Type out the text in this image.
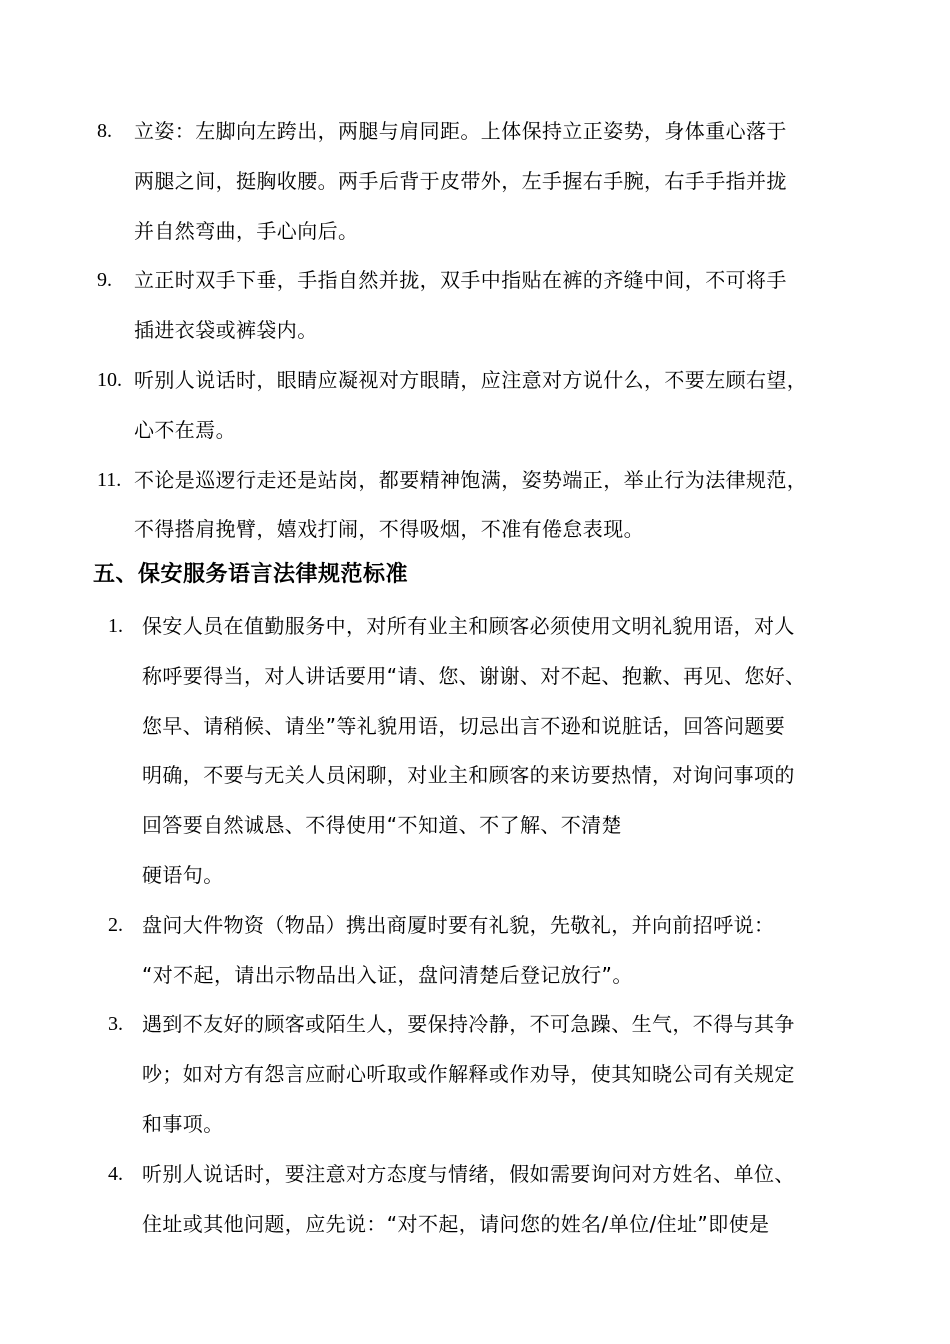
8. 立姿：左脚向左跨出，两腿与肩同距。上体保持立正姿势，身体重心落于
两腿之间，挺胸收腰。两手后背于皮带外，左手握右手腕，右手手指并拢
并自然弯曲，手心向后。
9. 立正时双手下垂，手指自然并拢，双手中指贴在裤的齐缝中间，不可将手
插进衣袋或裤袋内。
10. 听别人说话时，眼睛应凝视对方眼睛，应注意对方说什么，不要左顾右望，
心不在焉。
11. 不论是巡逻行走还是站岗，都要精神饱满，姿势端正，举止行为法律规范，
不得搭肩挽臂，嬉戏打闹，不得吸烟，不准有倦怠表现。
五、保安服务语言法律规范标准
1. 保安人员在值勤服务中，对所有业主和顾客必须使用文明礼貌用语，对人
称呼要得当，对人讲话要用“请、您、谢谢、对不起、抱歉、再见、您好、
您早、请稍候、请坐”等礼貌用语，切忌出言不逊和说脏话，回答问题要
明确，不要与无关人员闲聊，对业主和顾客的来访要热情，对询问事项的
回答要自然诚恳、不得使用“不知道、不了解、不清楚
硬语句。
2. 盘问大件物资（物品）携出商厦时要有礼貌，先敬礼，并向前招呼说：
“对不起，请出示物品出入证，盘问清楚后登记放行”。
3. 遇到不友好的顾客或陌生人，要保持冷静，不可急躁、生气，不得与其争
吵；如对方有怨言应耐心听取或作解释或作劝导，使其知晓公司有关规定
和事项。
4. 听别人说话时，要注意对方态度与情绪，假如需要询问对方姓名、单位、
住址或其他问题，应先说：“对不起，请问您的姓名/单位/住址”即使是
